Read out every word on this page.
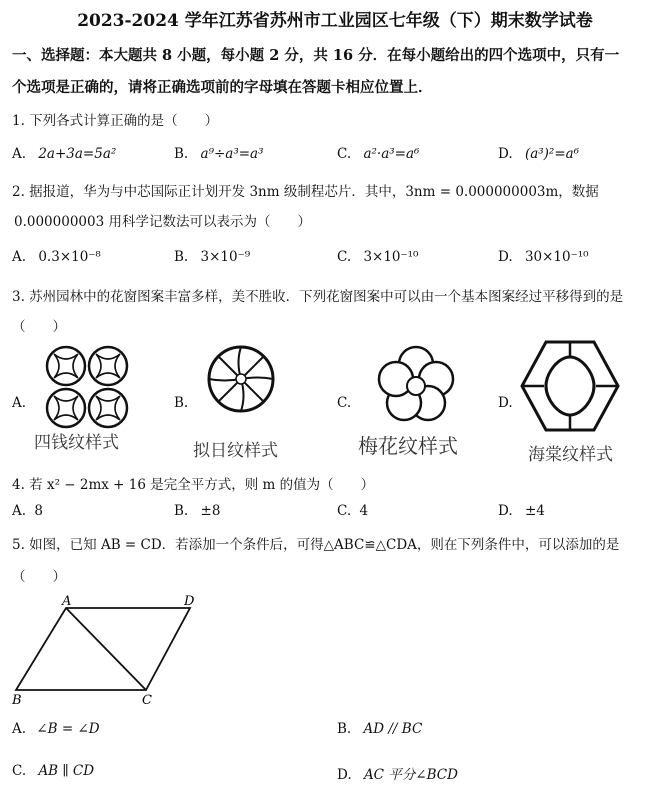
2023-2024 学年江苏省苏州市工业园区七年级（下）期末数学试卷
一、选择题：本大题共 8 小题，每小题 2 分，共 16 分．在每小题给出的四个选项中，只有一
个选项是正确的，请将正确选项前的字母填在答题卡相应位置上．
1. 下列各式计算正确的是（　　）
A. 2a+3a=5a²	B. a⁹÷a³=a³	C. a²·a³=a⁶	D. (a³)²=a⁶
2. 据报道，华为与中芯国际正计划开发 3nm 级制程芯片．其中，3nm = 0.000000003m，数据
0.000000003 用科学记数法可以表示为（　　）
A. 0.3×10⁻⁸	B. 3×10⁻⁹	C. 3×10⁻¹⁰	D. 30×10⁻¹⁰
3. 苏州园林中的花窗图案丰富多样，美不胜收．下列花窗图案中可以由一个基本图案经过平移得到的是
（　　）
A.
四钱纹样式
B.
拟日纹样式
C.
梅花纹样式
D.
海棠纹样式
4. 若 x² − 2mx + 16 是完全平方式，则 m 的值为（　　）
A. 8	B. ±8	C. 4	D. ±4
5. 如图，已知 AB = CD．若添加一个条件后，可得△ABC≌△CDA，则在下列条件中，可以添加的是
（　　）
A	D
B	C
A. ∠B = ∠D	B. AD // BC
C. AB ∥ CD	D. AC 平分∠BCD
